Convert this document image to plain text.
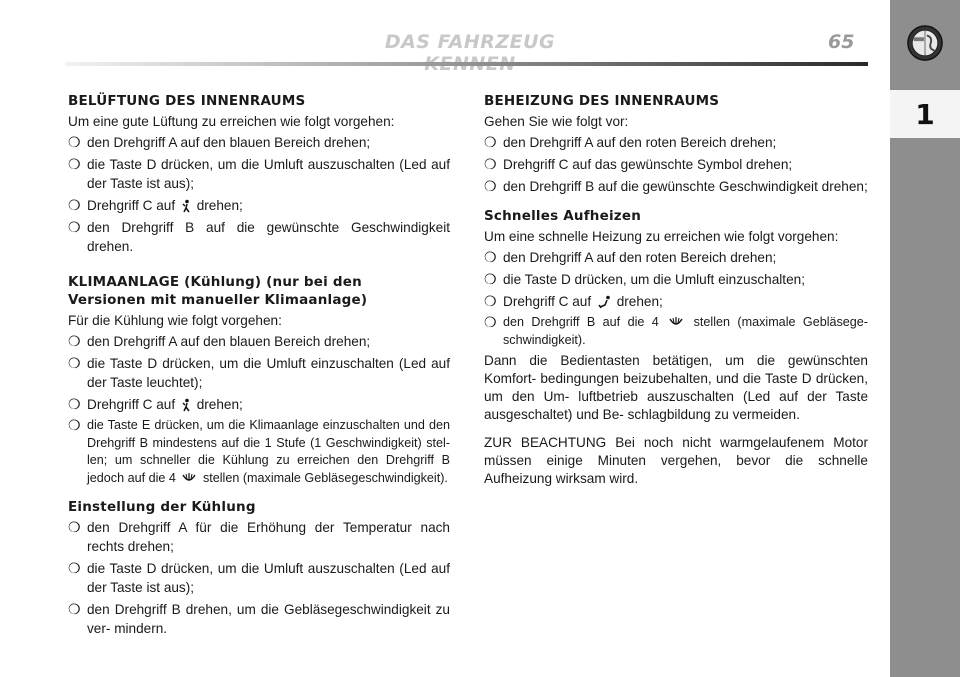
DAS FAHRZEUG	65
1
BELÜFTUNG DES INNENRAUMS

Um eine gute Lüftung zu erreichen wie folgt vorgehen:

❍ den Drehgriff A auf den blauen Bereich drehen;
❍ die Taste D drücken, um die Umluft auszuschalten (Led auf der Taste ist aus);
❍ Drehgriff C auf drehen;
❍ den Drehgriff B auf die gewünschte Geschwindigkeit drehen.
KLIMAANLAGE (Kühlung) (nur bei den
Versionen mit manueller Klimaanlage)

Für die Kühlung wie folgt vorgehen:

❍ den Drehgriff A auf den blauen Bereich drehen;
❍ die Taste D drücken, um die Umluft einzuschalten (Led auf der Taste leuchtet);
❍ Drehgriff C auf drehen;
❍ die Taste E drücken, um die Klimaanlage einzuschalten und den Drehgriff B mindestens auf die 1 Stufe (1 Geschwindigkeit) stel- len; um schneller die Kühlung zu erreichen den Drehgriff B jedoch auf die 4 stellen (maximale Gebläsegeschwindigkeit).
Einstellung der Kühlung
❍ den Drehgriff A für die Erhöhung der Temperatur nach rechts drehen;
❍ die Taste D drücken, um die Umluft auszuschalten (Led auf der Taste ist aus);
❍ den Drehgriff B drehen, um die Gebläsegeschwindigkeit zu ver- mindern.
BEHEIZUNG DES INNENRAUMS

Gehen Sie wie folgt vor:

❍ den Drehgriff A auf den roten Bereich drehen;
❍ Drehgriff C auf das gewünschte Symbol drehen;
❍ den Drehgriff B auf die gewünschte Geschwindigkeit drehen;
Schnelles Aufheizen

Um eine schnelle Heizung zu erreichen wie folgt vorgehen:

❍ den Drehgriff A auf den roten Bereich drehen;
❍ die Taste D drücken, um die Umluft einzuschalten;
❍ Drehgriff C auf drehen;
❍ den Drehgriff B auf die 4	stellen (maximale Gebläsege- schwindigkeit).

Dann die Bedientasten betätigen, um die gewünschten Komfort- bedingungen beizubehalten, und die Taste D drücken, um den Um- luftbetrieb auszuschalten (Led auf der Taste ausgeschaltet) und Be- schlagbildung zu vermeiden.

ZUR BEACHTUNG Bei noch nicht warmgelaufenem Motor müssen einige Minuten vergehen, bevor die schnelle Aufheizung wirksam wird.
